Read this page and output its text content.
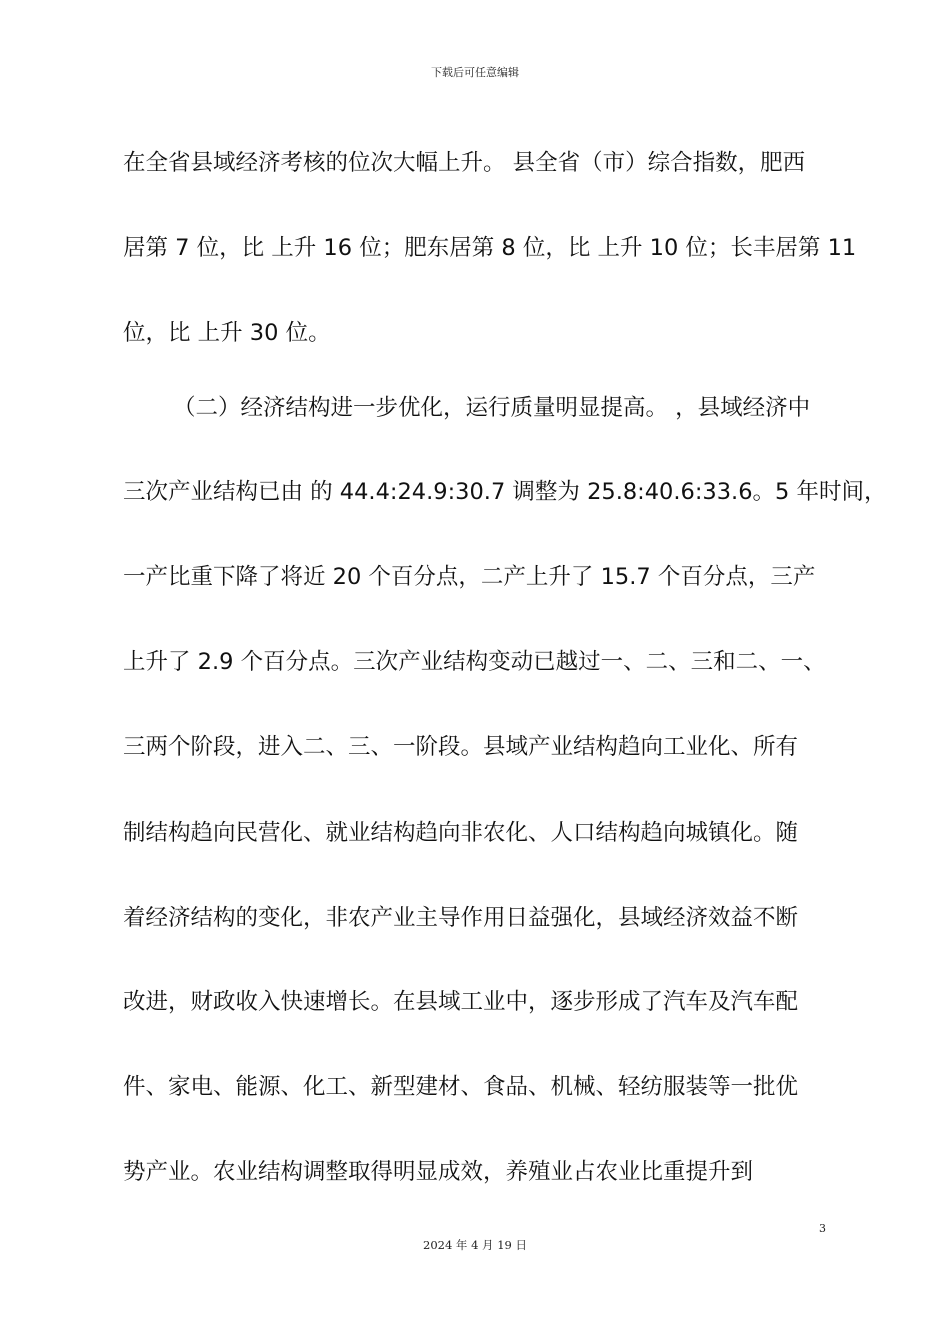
下载后可任意编辑
在全省县域经济考核的位次大幅上升。 县全省（市）综合指数，肥西
居第 7 位，比 上升 16 位；肥东居第 8 位，比 上升 10 位；长丰居第 11
位，比 上升 30 位。
（二）经济结构进一步优化，运行质量明显提高。 ，县域经济中
三次产业结构已由 的 44.4:24.9:30.7 调整为 25.8:40.6:33.6。5 年时间，
一产比重下降了将近 20 个百分点，二产上升了 15.7 个百分点，三产
上升了 2.9 个百分点。三次产业结构变动已越过一、二、三和二、一、
三两个阶段，进入二、三、一阶段。县域产业结构趋向工业化、所有
制结构趋向民营化、就业结构趋向非农化、人口结构趋向城镇化。随
着经济结构的变化，非农产业主导作用日益强化，县域经济效益不断
改进，财政收入快速增长。在县域工业中，逐步形成了汽车及汽车配
件、家电、能源、化工、新型建材、食品、机械、轻纺服装等一批优
势产业。农业结构调整取得明显成效，养殖业占农业比重提升到
3
2024 年 4 月 19 日
